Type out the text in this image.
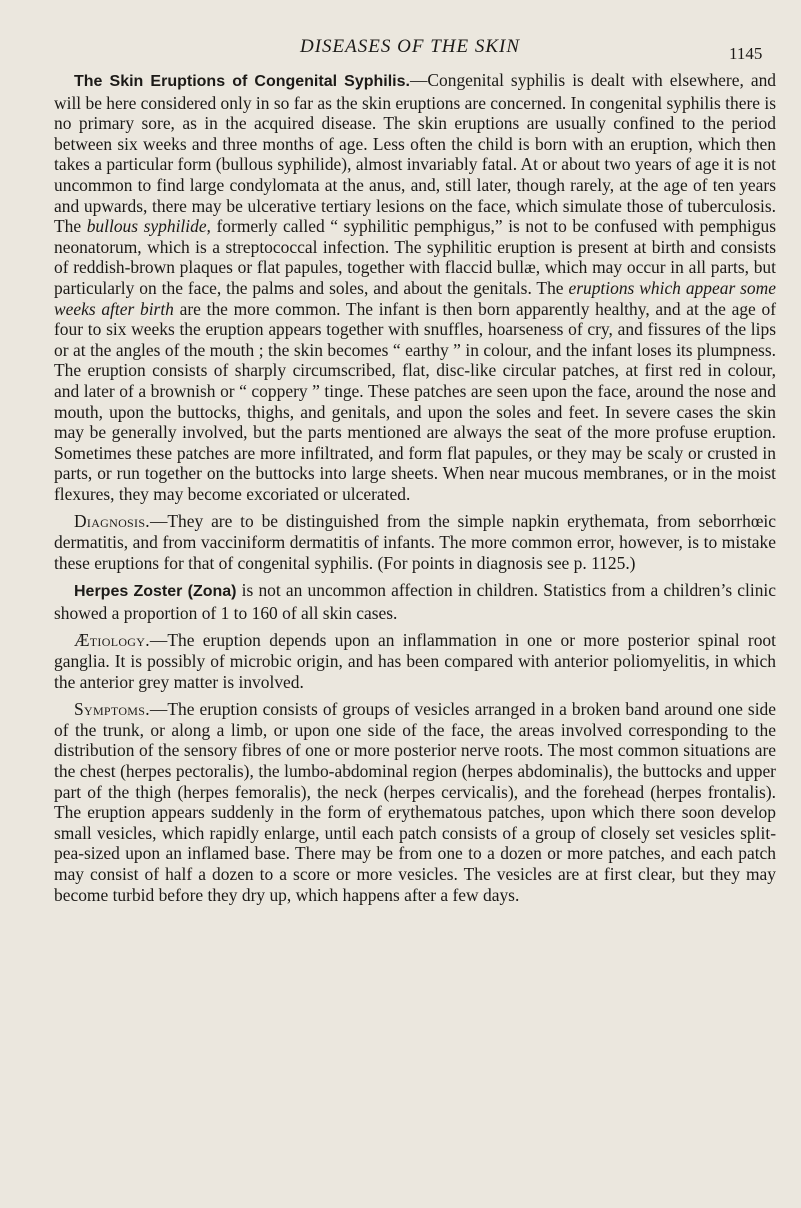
DISEASES OF THE SKIN	1145

The Skin Eruptions of Congenital Syphilis.—Congenital syphilis is dealt with elsewhere, and will be here considered only in so far as the skin eruptions are concerned. In congenital syphilis there is no primary sore, as in the acquired disease. The skin eruptions are usually confined to the period between six weeks and three months of age. Less often the child is born with an eruption, which then takes a particular form (bullous syphilide), almost invariably fatal. At or about two years of age it is not uncommon to find large condylomata at the anus, and, still later, though rarely, at the age of ten years and upwards, there may be ulcerative tertiary lesions on the face, which simulate those of tuberculosis. The bullous syphilide, formerly called “ syphilitic pemphigus,” is not to be confused with pemphigus neonatorum, which is a streptococcal infection. The syphilitic eruption is present at birth and consists of reddish-brown plaques or flat papules, together with flaccid bullæ, which may occur in all parts, but particularly on the face, the palms and soles, and about the genitals. The eruptions which appear some weeks after birth are the more common. The infant is then born apparently healthy, and at the age of four to six weeks the eruption appears together with snuffles, hoarseness of cry, and fissures of the lips or at the angles of the mouth ; the skin becomes “ earthy ” in colour, and the infant loses its plumpness. The eruption consists of sharply circumscribed, flat, disc-like circular patches, at first red in colour, and later of a brownish or “ coppery ” tinge. These patches are seen upon the face, around the nose and mouth, upon the buttocks, thighs, and genitals, and upon the soles and feet. In severe cases the skin may be generally involved, but the parts mentioned are always the seat of the more profuse eruption. Sometimes these patches are more infiltrated, and form flat papules, or they may be scaly or crusted in parts, or run together on the buttocks into large sheets. When near mucous membranes, or in the moist flexures, they may become excoriated or ulcerated.

Diagnosis.—They are to be distinguished from the simple napkin erythemata, from seborrhœic dermatitis, and from vacciniform dermatitis of infants. The more common error, however, is to mistake these eruptions for that of congenital syphilis. (For points in diagnosis see p. 1125.)

Herpes Zoster (Zona) is not an uncommon affection in children. Statistics from a children’s clinic showed a proportion of 1 to 160 of all skin cases.

Ætiology.—The eruption depends upon an inflammation in one or more posterior spinal root ganglia. It is possibly of microbic origin, and has been compared with anterior poliomyelitis, in which the anterior grey matter is involved.

Symptoms.—The eruption consists of groups of vesicles arranged in a broken band around one side of the trunk, or along a limb, or upon one side of the face, the areas involved corresponding to the distribution of the sensory fibres of one or more posterior nerve roots. The most common situations are the chest (herpes pectoralis), the lumbo-abdominal region (herpes abdominalis), the buttocks and upper part of the thigh (herpes femoralis), the neck (herpes cervicalis), and the forehead (herpes frontalis). The eruption appears suddenly in the form of erythematous patches, upon which there soon develop small vesicles, which rapidly enlarge, until each patch consists of a group of closely set vesicles split-pea-sized upon an inflamed base. There may be from one to a dozen or more patches, and each patch may consist of half a dozen to a score or more vesicles. The vesicles are at first clear, but they may become turbid before they dry up, which happens after a few days.
